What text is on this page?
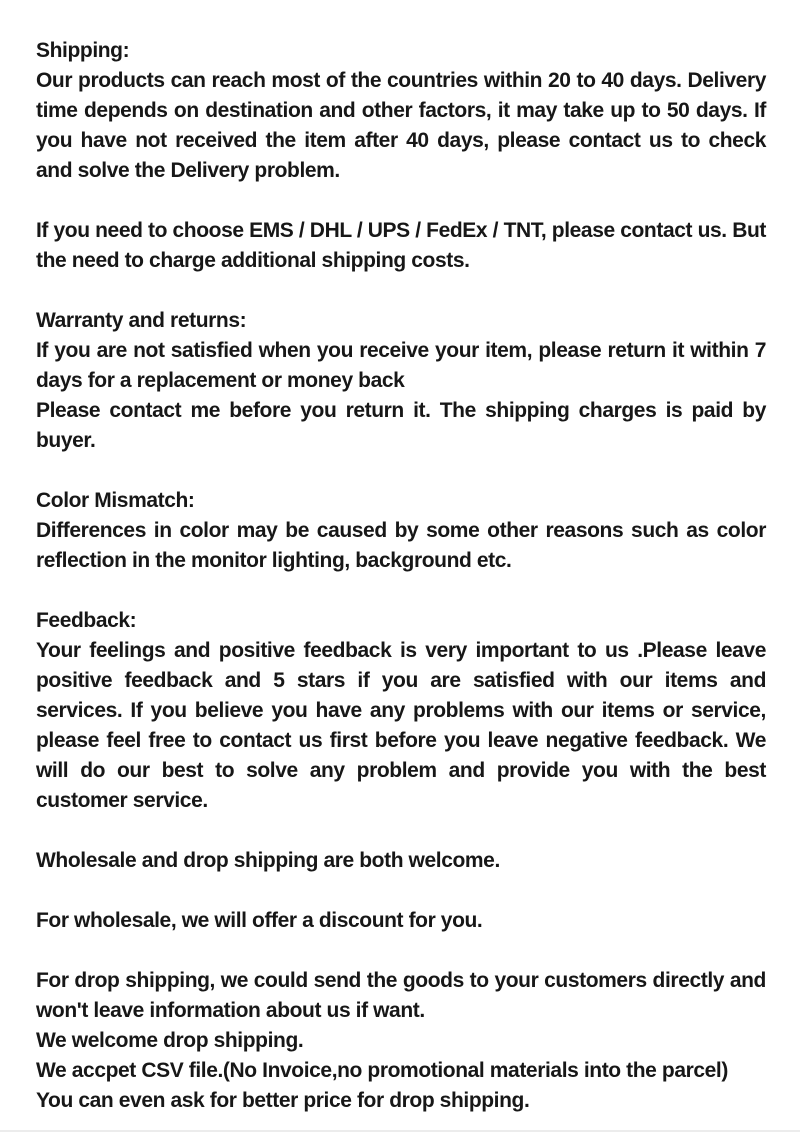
Shipping:

Our products can reach most of the countries within 20 to 40 days. Delivery time depends on destination and other factors, it may take up to 50 days. If you have not received the item after 40 days, please contact us to check and solve the Delivery problem.

If you need to choose EMS / DHL / UPS / FedEx / TNT, please contact us. But the need to charge additional shipping costs.

Warranty and returns:

If you are not satisfied when you receive your item, please return it within 7 days for a replacement or money back

Please contact me before you return it. The shipping charges is paid by buyer.

Color Mismatch:

Differences in color may be caused by some other reasons such as color reflection in the monitor lighting, background etc.

Feedback:

Your feelings and positive feedback is very important to us .Please leave positive feedback and 5 stars if you are satisfied with our items and services. If you believe you have any problems with our items or service, please feel free to contact us first before you leave negative feedback. We will do our best to solve any problem and provide you with the best customer service.

Wholesale and drop shipping are both welcome.

For wholesale, we will offer a discount for you.

For drop shipping, we could send the goods to your customers directly and won't leave information about us if want.

We welcome drop shipping.

We accpet CSV file.(No Invoice,no promotional materials into the parcel)

You can even ask for better price for drop shipping.
